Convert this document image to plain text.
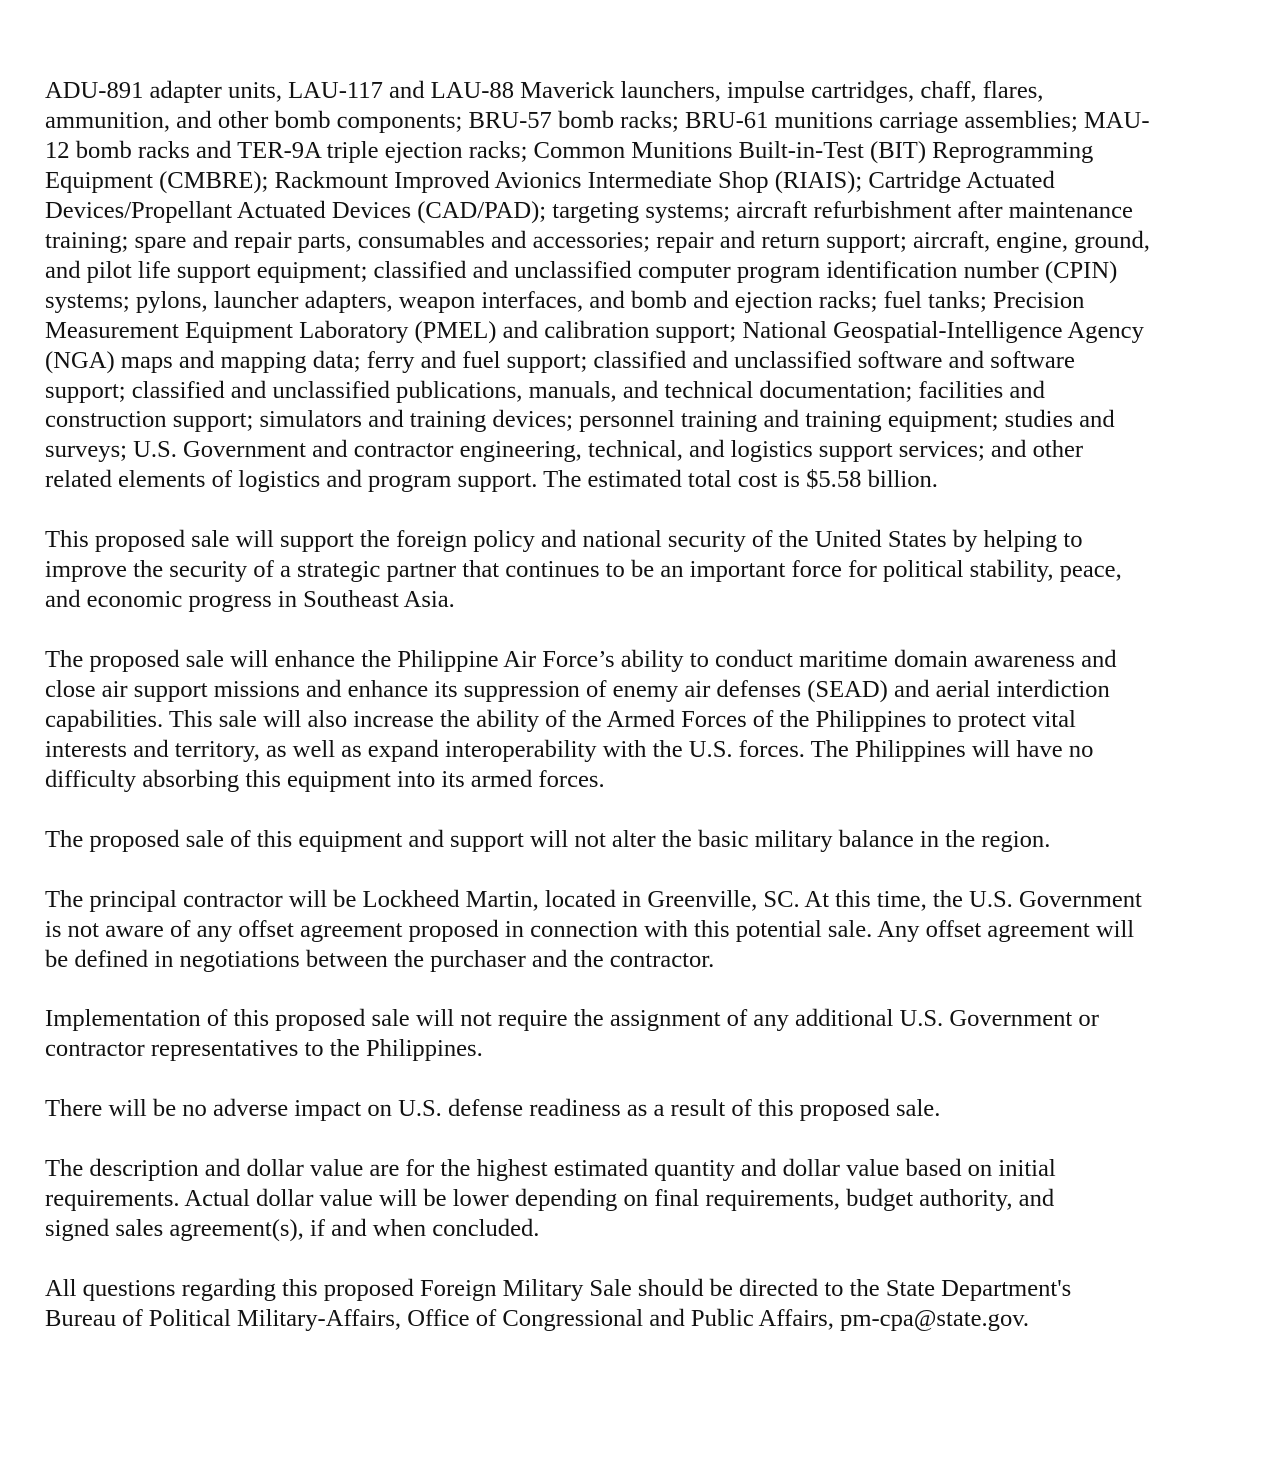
ADU-891 adapter units, LAU-117 and LAU-88 Maverick launchers, impulse cartridges, chaff, flares,
ammunition, and other bomb components; BRU-57 bomb racks; BRU-61 munitions carriage assemblies; MAU-
12 bomb racks and TER-9A triple ejection racks; Common Munitions Built-in-Test (BIT) Reprogramming
Equipment (CMBRE); Rackmount Improved Avionics Intermediate Shop (RIAIS); Cartridge Actuated
Devices/Propellant Actuated Devices (CAD/PAD); targeting systems; aircraft refurbishment after maintenance
training; spare and repair parts, consumables and accessories; repair and return support; aircraft, engine, ground,
and pilot life support equipment; classified and unclassified computer program identification number (CPIN)
systems; pylons, launcher adapters, weapon interfaces, and bomb and ejection racks; fuel tanks; Precision
Measurement Equipment Laboratory (PMEL) and calibration support; National Geospatial-Intelligence Agency
(NGA) maps and mapping data; ferry and fuel support; classified and unclassified software and software
support; classified and unclassified publications, manuals, and technical documentation; facilities and
construction support; simulators and training devices; personnel training and training equipment; studies and
surveys; U.S. Government and contractor engineering, technical, and logistics support services; and other
related elements of logistics and program support. The estimated total cost is $5.58 billion.
This proposed sale will support the foreign policy and national security of the United States by helping to
improve the security of a strategic partner that continues to be an important force for political stability, peace,
and economic progress in Southeast Asia.
The proposed sale will enhance the Philippine Air Force’s ability to conduct maritime domain awareness and
close air support missions and enhance its suppression of enemy air defenses (SEAD) and aerial interdiction
capabilities. This sale will also increase the ability of the Armed Forces of the Philippines to protect vital
interests and territory, as well as expand interoperability with the U.S. forces. The Philippines will have no
difficulty absorbing this equipment into its armed forces.
The proposed sale of this equipment and support will not alter the basic military balance in the region.
The principal contractor will be Lockheed Martin, located in Greenville, SC. At this time, the U.S. Government
is not aware of any offset agreement proposed in connection with this potential sale. Any offset agreement will
be defined in negotiations between the purchaser and the contractor.
Implementation of this proposed sale will not require the assignment of any additional U.S. Government or
contractor representatives to the Philippines.
There will be no adverse impact on U.S. defense readiness as a result of this proposed sale.
The description and dollar value are for the highest estimated quantity and dollar value based on initial
requirements. Actual dollar value will be lower depending on final requirements, budget authority, and
signed sales agreement(s), if and when concluded.
All questions regarding this proposed Foreign Military Sale should be directed to the State Department's
Bureau of Political Military-Affairs, Office of Congressional and Public Affairs, pm-cpa@state.gov.
